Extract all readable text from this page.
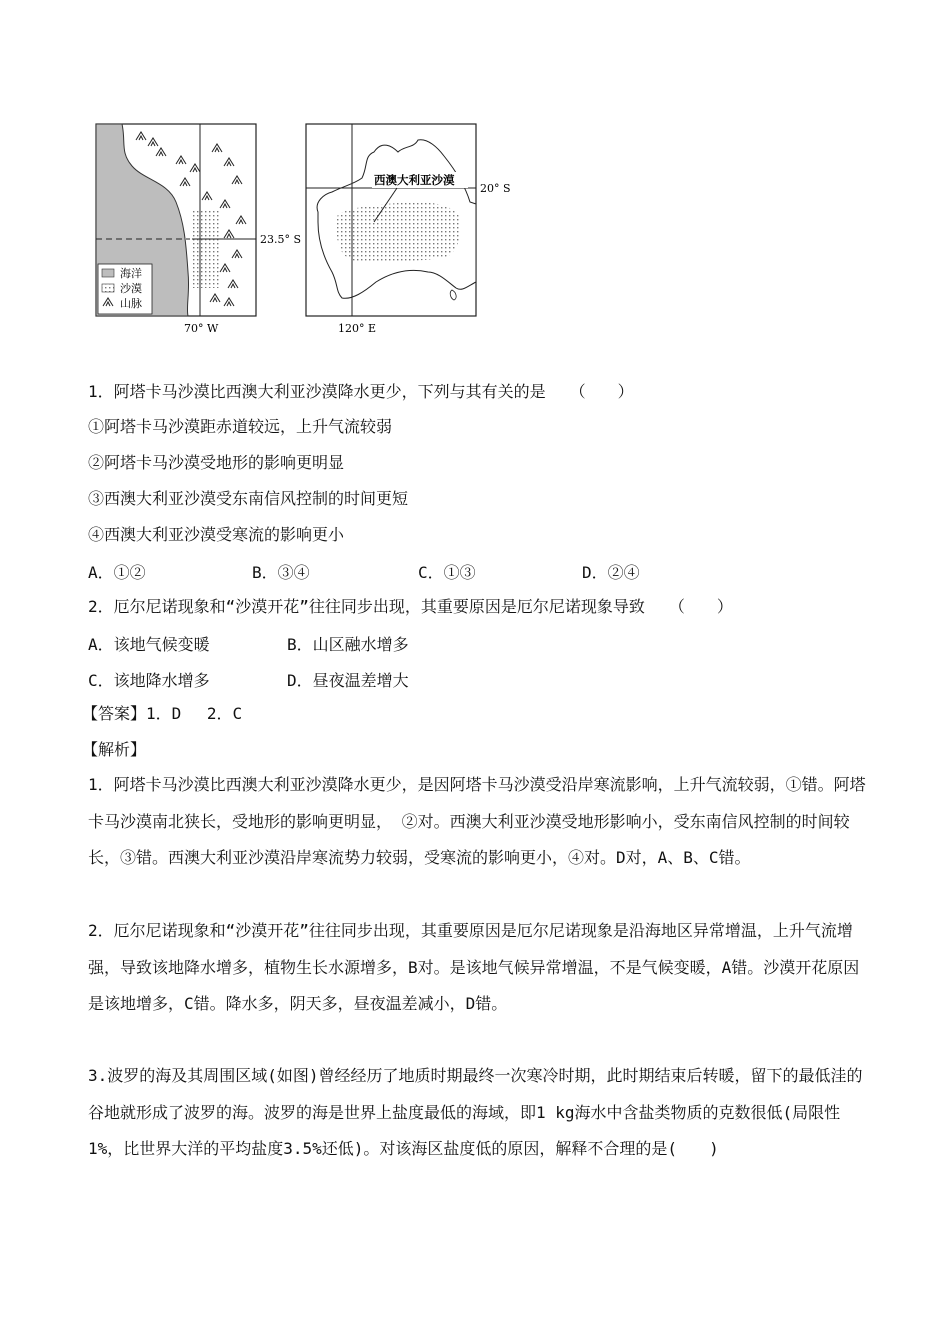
海洋
沙漠
山脉
23.5° S
70° W
西澳大利亚沙漠
20° S
120° E
1．阿塔卡马沙漠比西澳大利亚沙漠降水更少，下列与其有关的是　　（　　）
①阿塔卡马沙漠距赤道较远，上升气流较弱
②阿塔卡马沙漠受地形的影响更明显
③西澳大利亚沙漠受东南信风控制的时间更短
④西澳大利亚沙漠受寒流的影响更小
A．①②	B．③④	C．①③	D．②④
2．厄尔尼诺现象和“沙漠开花”往往同步出现，其重要原因是厄尔尼诺现象导致　　（　　）
A．该地气候变暖	B．山区融水增多
C．该地降水增多	D．昼夜温差增大
【答案】1．D　 2．C
【解析】
1．阿塔卡马沙漠比西澳大利亚沙漠降水更少，是因阿塔卡马沙漠受沿岸寒流影响，上升气流较弱，①错。阿塔卡马沙漠南北狭长，受地形的影响更明显， ②对。西澳大利亚沙漠受地形影响小，受东南信风控制的时间较长，③错。西澳大利亚沙漠沿岸寒流势力较弱，受寒流的影响更小，④对。D对，A、B、C错。
2．厄尔尼诺现象和“沙漠开花”往往同步出现，其重要原因是厄尔尼诺现象是沿海地区异常增温，上升气流增强，导致该地降水增多，植物生长水源增多，B对。是该地气候异常增温，不是气候变暖，A错。沙漠开花原因是该地增多，C错。降水多，阴天多，昼夜温差减小，D错。
3.波罗的海及其周围区域(如图)曾经经历了地质时期最终一次寒冷时期，此时期结束后转暖，留下的最低洼的谷地就形成了波罗的海。波罗的海是世界上盐度最低的海域，即1 kg海水中含盐类物质的克数很低(局限性1%，比世界大洋的平均盐度3.5%还低)。对该海区盐度低的原因，解释不合理的是(　　)
